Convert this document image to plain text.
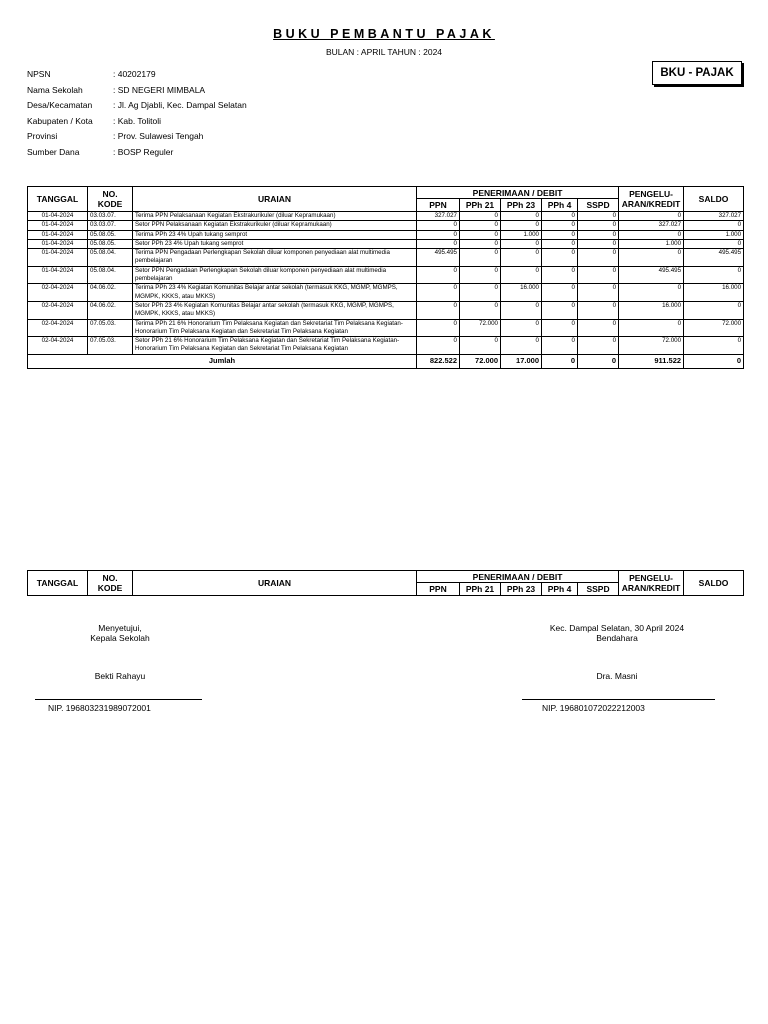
BUKU PEMBANTU PAJAK
BULAN : APRIL TAHUN : 2024
BKU - PAJAK
NPSN	: 40202179
Nama Sekolah	: SD NEGERI MIMBALA
Desa/Kecamatan	: Jl. Ag Djabli, Kec. Dampal Selatan
Kabupaten / Kota	: Kab. Tolitoli
Provinsi	: Prov. Sulawesi Tengah
Sumber Dana	: BOSP Reguler
TANGGAL	NO. KODE	URAIAN	PENERIMAAN / DEBIT					PENGELU-ARAN/KREDIT	SALDO
			PPN	PPh 21	PPh 23	PPh 4	SSPD		
01-04-2024	03.03.07.	Terima PPN Pelaksanaan Kegiatan Ekstrakurikuler (diluar Kepramukaan)	327.027	0	0	0	0	0	327.027
01-04-2024	03.03.07.	Setor PPN Pelaksanaan Kegiatan Ekstrakurikuler (diluar Kepramukaan)	0	0	0	0	0	327.027	0
01-04-2024	05.08.05.	Terima PPh 23 4% Upah tukang semprot	0	0	1.000	0	0	0	1.000
01-04-2024	05.08.05.	Setor PPh 23 4% Upah tukang semprot	0	0	0	0	0	1.000	0
01-04-2024	05.08.04.	Terima PPN Pengadaan Perlengkapan Sekolah diluar komponen penyediaan alat multimedia pembelajaran	495.495	0	0	0	0	0	495.495
01-04-2024	05.08.04.	Setor PPN Pengadaan Perlengkapan Sekolah diluar komponen penyediaan alat multimedia pembelajaran	0	0	0	0	0	495.495	0
02-04-2024	04.06.02.	Terima PPh 23 4% Kegiatan Komunitas Belajar antar sekolah (termasuk KKG, MGMP, MGMPS, MGMPK, KKKS, atau MKKS)	0	0	16.000	0	0	0	16.000
02-04-2024	04.06.02.	Setor PPh 23 4% Kegiatan Komunitas Belajar antar sekolah (termasuk KKG, MGMP, MGMPS, MGMPK, KKKS, atau MKKS)	0	0	0	0	0	16.000	0
02-04-2024	07.05.03.	Terima PPh 21 6% Honorarium Tim Pelaksana Kegiatan dan Sekretariat Tim Pelaksana Kegiatan-Honorarium Tim Pelaksana Kegiatan dan Sekretariat Tim Pelaksana Kegiatan	0	72.000	0	0	0	0	72.000
02-04-2024	07.05.03.	Setor PPh 21 6% Honorarium Tim Pelaksana Kegiatan dan Sekretariat Tim Pelaksana Kegiatan-Honorarium Tim Pelaksana Kegiatan dan Sekretariat Tim Pelaksana Kegiatan	0	0	0	0	0	72.000	0
Jumlah			822.522	72.000	17.000	0	0	911.522	0
TANGGAL	NO. KODE	URAIAN	PENERIMAAN / DEBIT					PENGELU-ARAN/KREDIT	SALDO
			PPN	PPh 21	PPh 23	PPh 4	SSPD		
Menyetujui,
Kepala Sekolah
Bekti Rahayu
NIP. 196803231989072001
Kec. Dampal Selatan, 30 April 2024
Bendahara
Dra. Masni
NIP. 196801072022212003
